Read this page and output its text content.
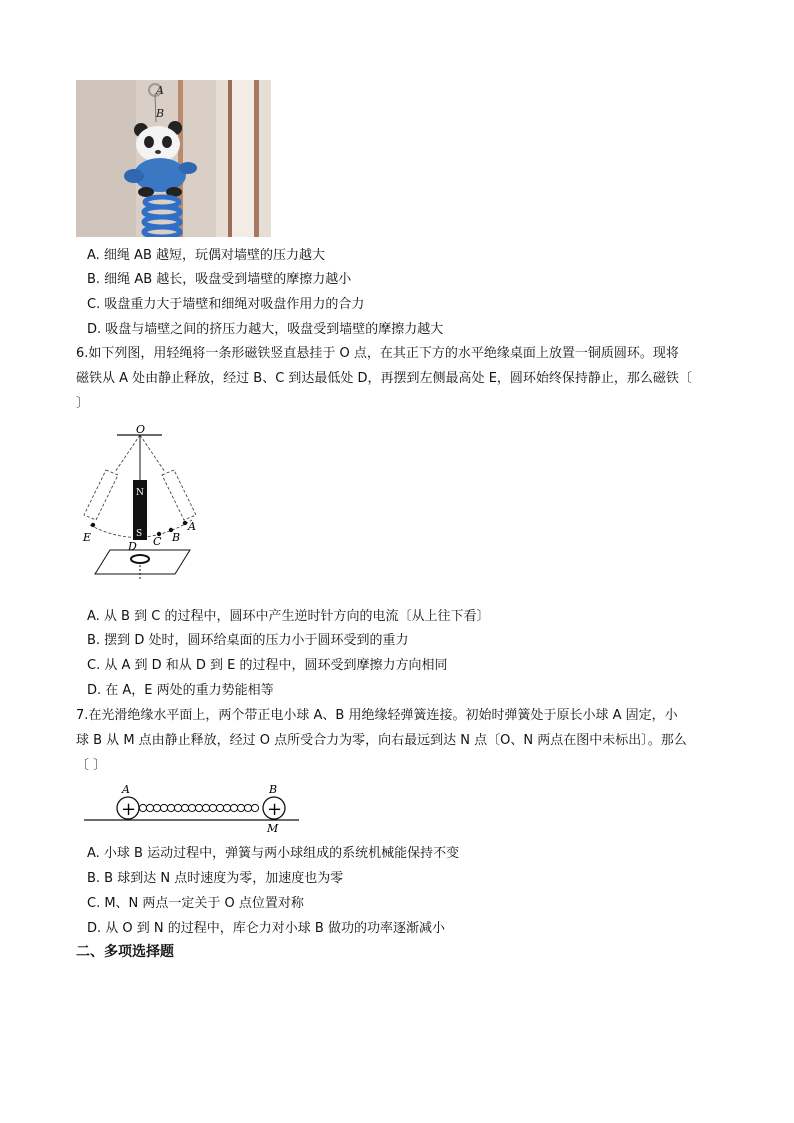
A
B
A. 细绳 AB 越短，玩偶对墙壁的压力越大
B. 细绳 AB 越长，吸盘受到墙壁的摩擦力越小
C. 吸盘重力大于墙壁和细绳对吸盘作用力的合力
D. 吸盘与墙壁之间的挤压力越大，吸盘受到墙壁的摩擦力越大
6.如下列图，用轻绳将一条形磁铁竖直悬挂于 O 点，在其正下方的水平绝缘桌面上放置一铜质圆环。现将
磁铁从 A 处由静止释放，经过 B、C 到达最低处 D，再摆到左侧最高处 E，圆环始终保持静止，那么磁铁〔
〕
O
N
S
A
B
C
D
E
A. 从 B 到 C 的过程中，圆环中产生逆时针方向的电流〔从上往下看〕
B. 摆到 D 处时，圆环给桌面的压力小于圆环受到的重力
C. 从 A 到 D 和从 D 到 E 的过程中，圆环受到摩擦力方向相同
D. 在 A，E 两处的重力势能相等
7.在光滑绝缘水平面上，两个带正电小球 A、B 用绝缘轻弹簧连接。初始时弹簧处于原长小球 A 固定，小
球 B 从 M 点由静止释放，经过 O 点所受合力为零，向右最远到达 N 点〔O、N 两点在图中未标出〕。那么
〔 〕
+	+
A	B
M
A. 小球 B 运动过程中，弹簧与两小球组成的系统机械能保持不变
B. B 球到达 N 点时速度为零，加速度也为零
C. M、N 两点一定关于 O 点位置对称
D. 从 O 到 N 的过程中，库仑力对小球 B 做功的功率逐渐减小
二、多项选择题
